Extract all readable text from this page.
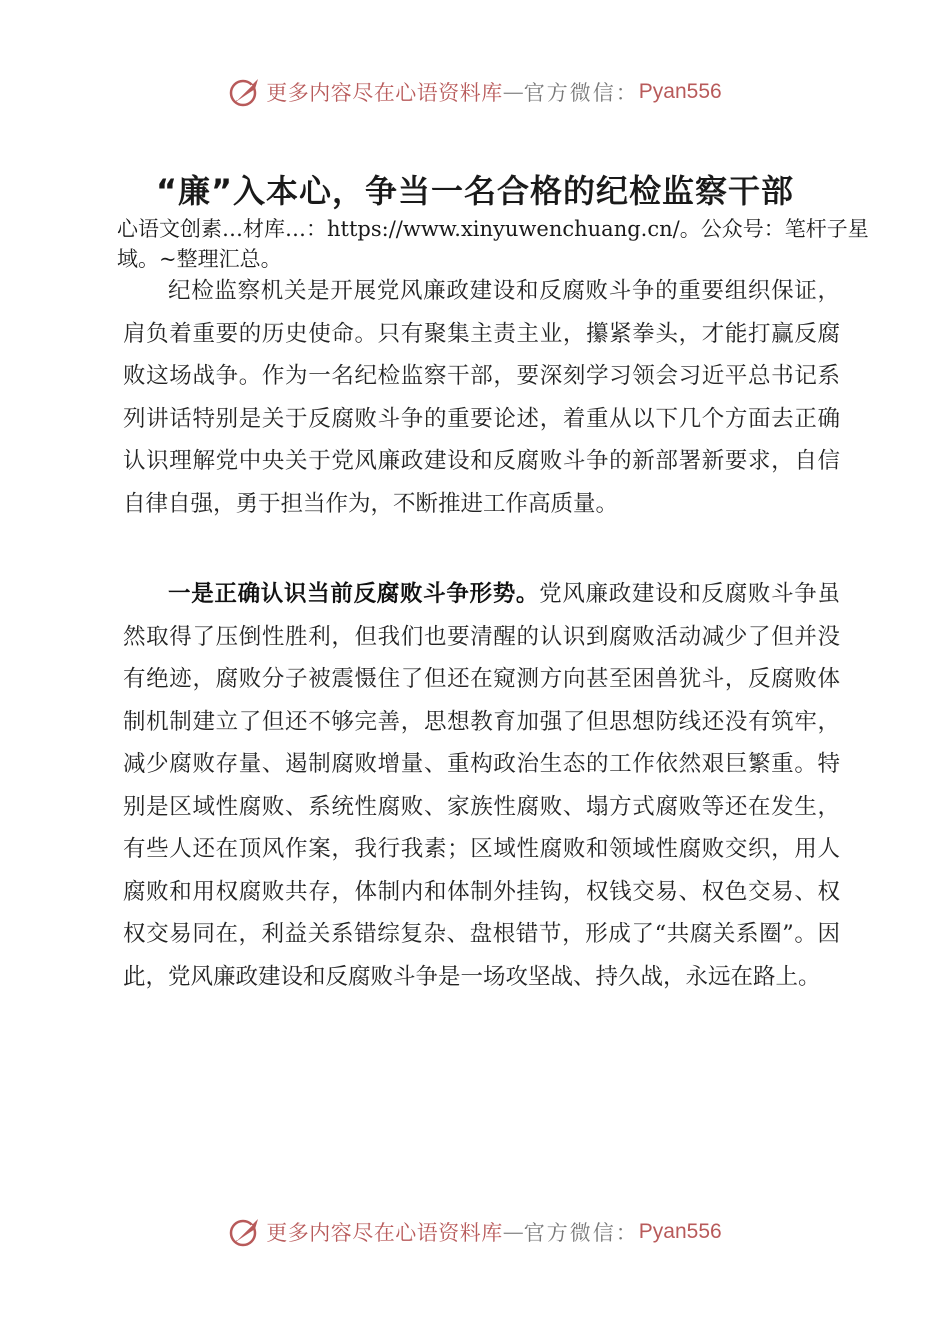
更多内容尽在心语资料库 — 官方微信： Pyan556
“廉”入本心，争当一名合格的纪检监察干部
心语文创素…材库…：https://www.xinyuwenchuang.cn/。公众号：笔杆子星域。~整理汇总。
纪检监察机关是开展党风廉政建设和反腐败斗争的重要组织保证，肩负着重要的历史使命。只有聚集主责主业，攥紧拳头，才能打赢反腐败这场战争。作为一名纪检监察干部，要深刻学习领会习近平总书记系列讲话特别是关于反腐败斗争的重要论述，着重从以下几个方面去正确认识理解党中央关于党风廉政建设和反腐败斗争的新部署新要求，自信自律自强，勇于担当作为，不断推进工作高质量。
一是正确认识当前反腐败斗争形势。党风廉政建设和反腐败斗争虽然取得了压倒性胜利，但我们也要清醒的认识到腐败活动减少了但并没有绝迹，腐败分子被震慑住了但还在窥测方向甚至困兽犹斗，反腐败体制机制建立了但还不够完善，思想教育加强了但思想防线还没有筑牢，减少腐败存量、遏制腐败增量、重构政治生态的工作依然艰巨繁重。特别是区域性腐败、系统性腐败、家族性腐败、塌方式腐败等还在发生，有些人还在顶风作案，我行我素；区域性腐败和领域性腐败交织，用人腐败和用权腐败共存，体制内和体制外挂钩，权钱交易、权色交易、权权交易同在，利益关系错综复杂、盘根错节，形成了“共腐关系圈”。因此，党风廉政建设和反腐败斗争是一场攻坚战、持久战，永远在路上。
更多内容尽在心语资料库 — 官方微信： Pyan556
